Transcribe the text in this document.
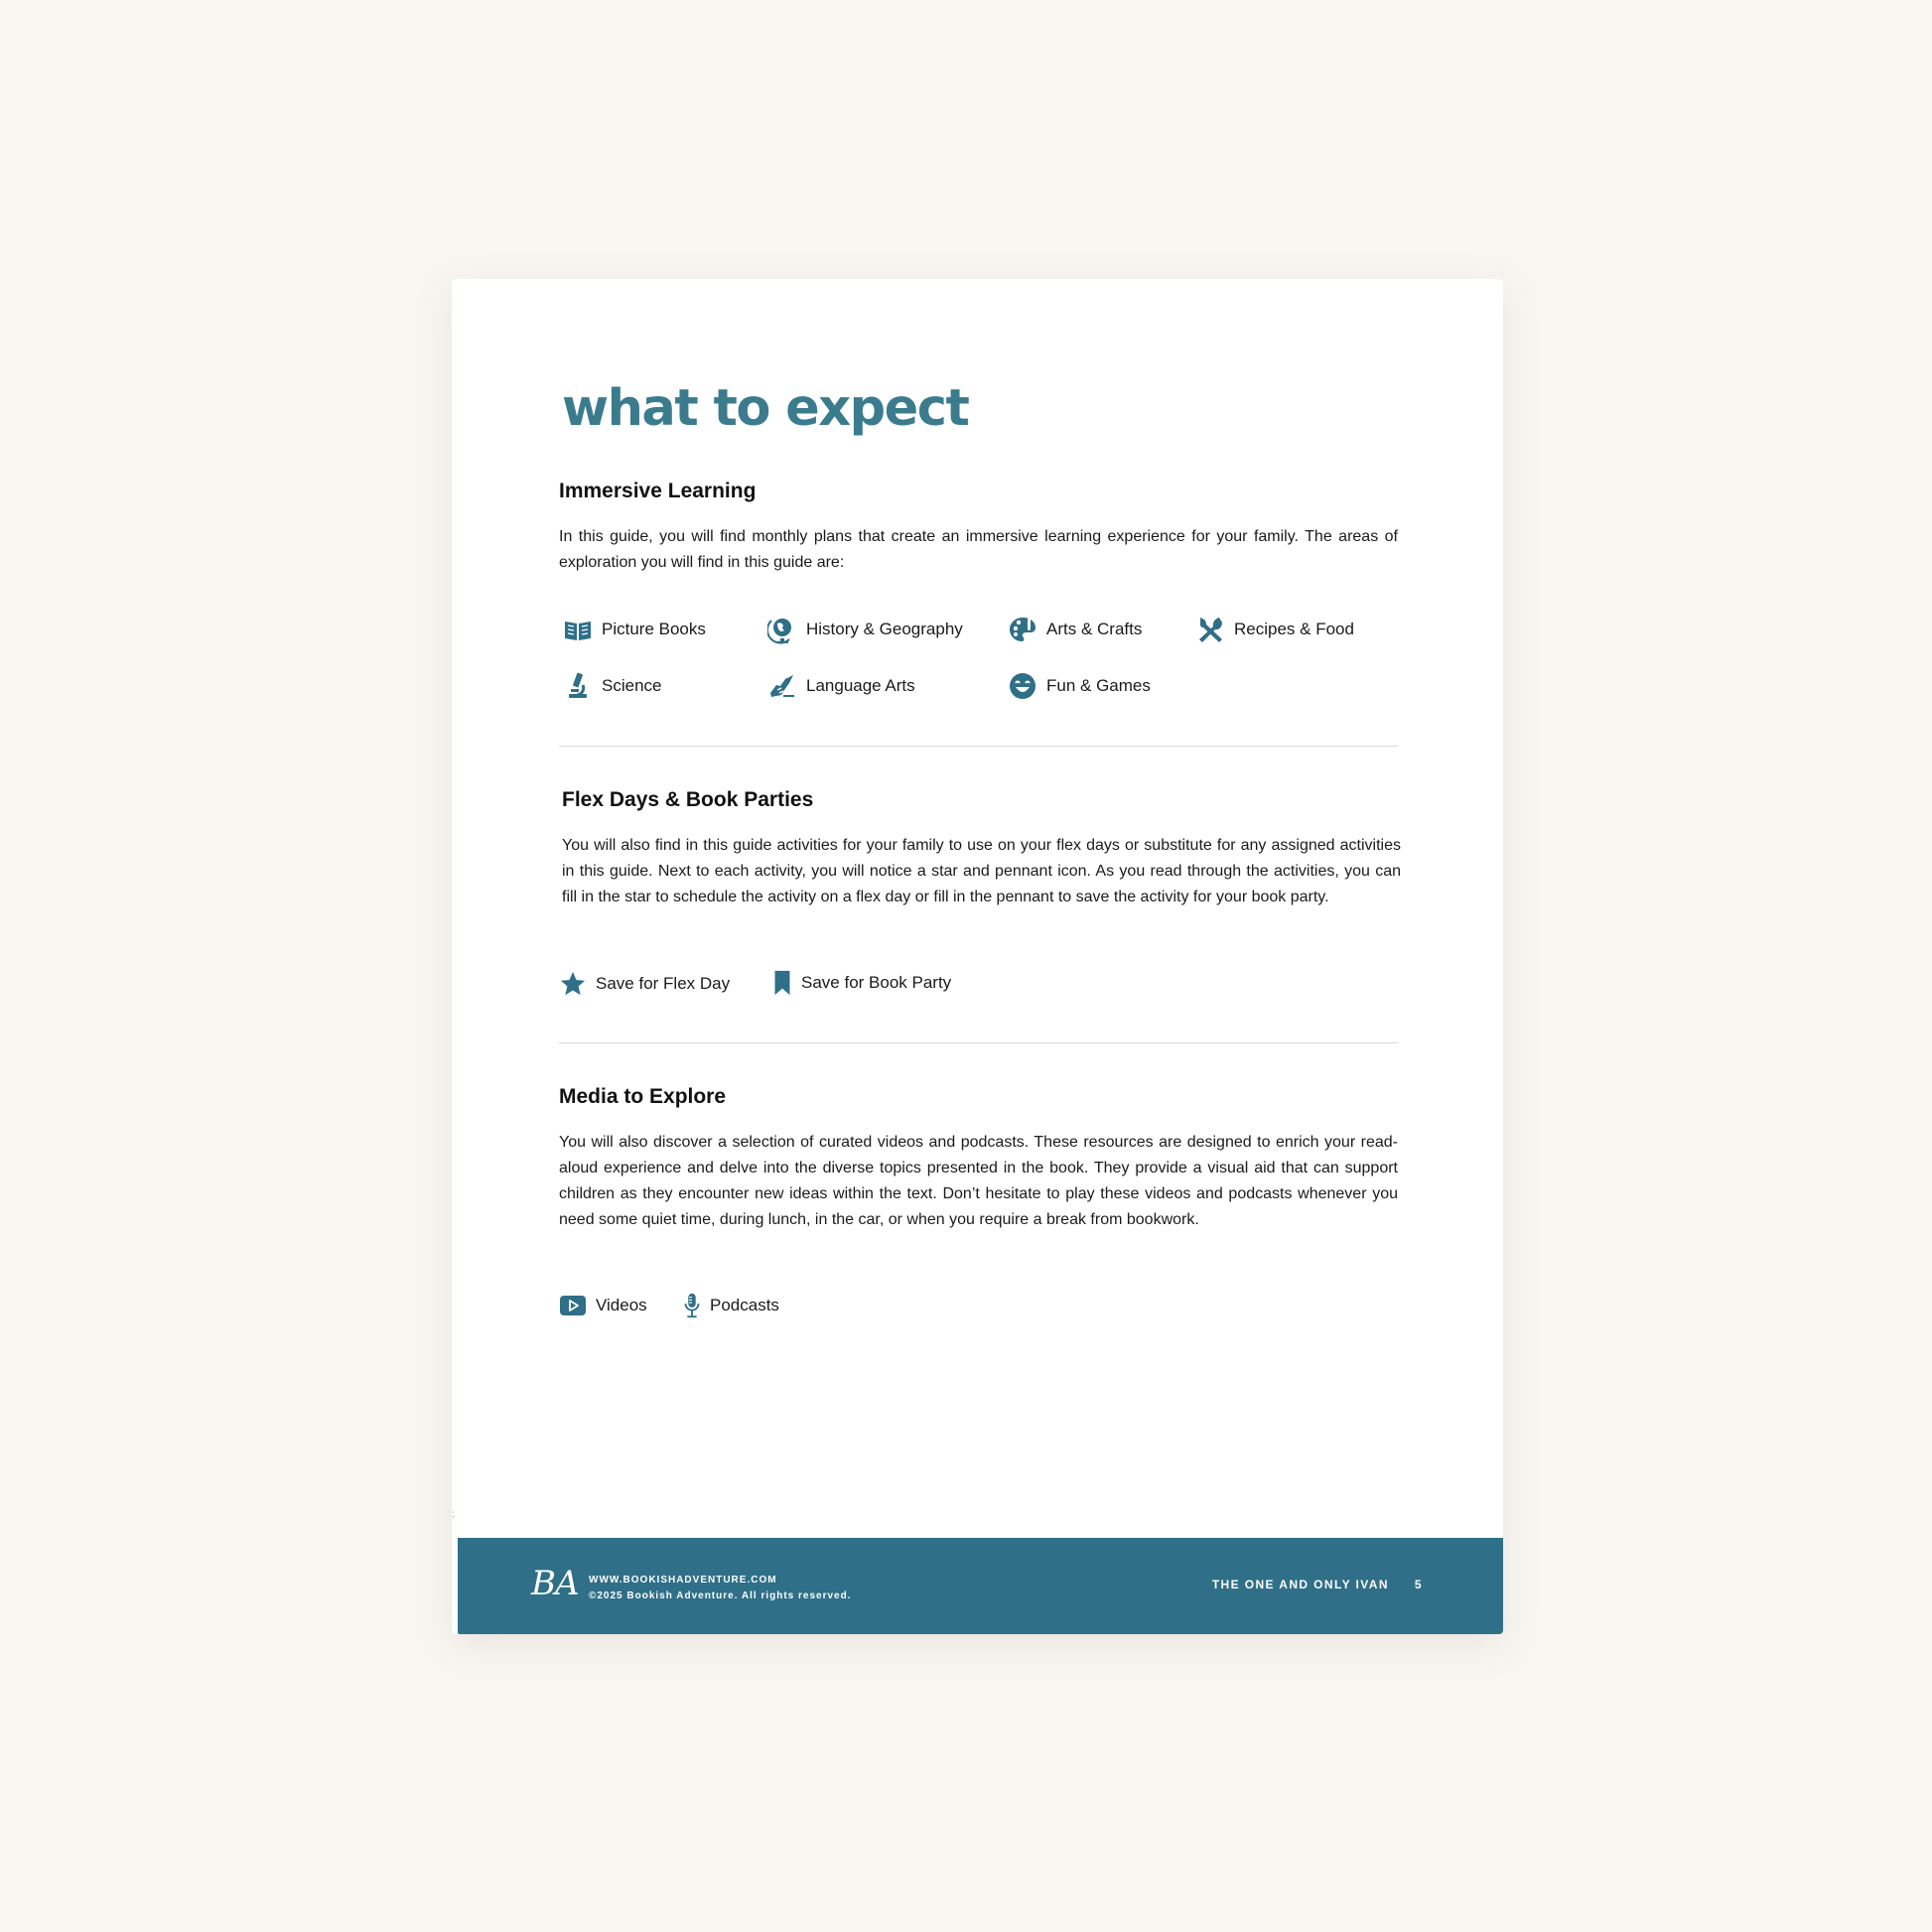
what to expect
Immersive Learning

In this guide, you will find monthly plans that create an immersive learning experience for your family. The areas of exploration you will find in this guide are:

Picture Books	History & Geography	Arts & Crafts	Recipes & Food
Science	Language Arts	Fun & Games
Flex Days & Book Parties

You will also find in this guide activities for your family to use on your flex days or substitute for any assigned activities in this guide. Next to each activity, you will notice a star and pennant icon. As you read through the activities, you can fill in the star to schedule the activity on a flex day or fill in the pennant to save the activity for your book party.

Save for Flex Day	Save for Book Party
Media to Explore

You will also discover a selection of curated videos and podcasts. These resources are designed to enrich your read-aloud experience and delve into the diverse topics presented in the book. They provide a visual aid that can support children as they encounter new ideas within the text. Don’t hesitate to play these videos and podcasts whenever you need some quiet time, during lunch, in the car, or when you require a break from bookwork.

Videos	Podcasts
:
BA WWW.BOOKISHADVENTURE.COM
©2025 Bookish Adventure. All rights reserved.
THE ONE AND ONLY IVAN 5
